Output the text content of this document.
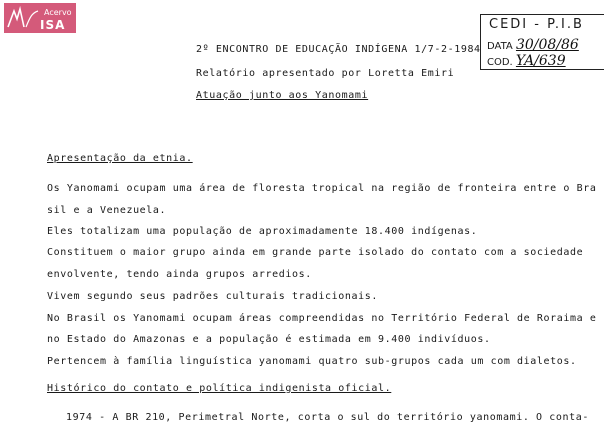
Acervo
ISA	CEDI - P.I.B
DATA 30/08/86
COD. YA/639
2º ENCONTRO DE EDUCAÇÃO INDÍGENA 1/7-2-1984
Relatório apresentado por Loretta Emiri
Atuação junto aos Yanomami
Apresentação da etnia.
Os Yanomami ocupam uma área de floresta tropical na região de fronteira entre o Bra
sil e a Venezuela.
Eles totalizam uma população de aproximadamente 18.400 indígenas.
Constituem o maior grupo ainda em grande parte isolado do contato com a sociedade
envolvente, tendo ainda grupos arredios.
Vivem segundo seus padrões culturais tradicionais.
No Brasil os Yanomami ocupam áreas compreendidas no Território Federal de Roraima e
no Estado do Amazonas e a população é estimada em 9.400 indivíduos.
Pertencem à família linguística yanomami quatro sub-grupos cada um com dialetos.
Histórico do contato e política indigenista oficial.
1974 - A BR 210, Perimetral Norte, corta o sul do território yanomami. O conta-
